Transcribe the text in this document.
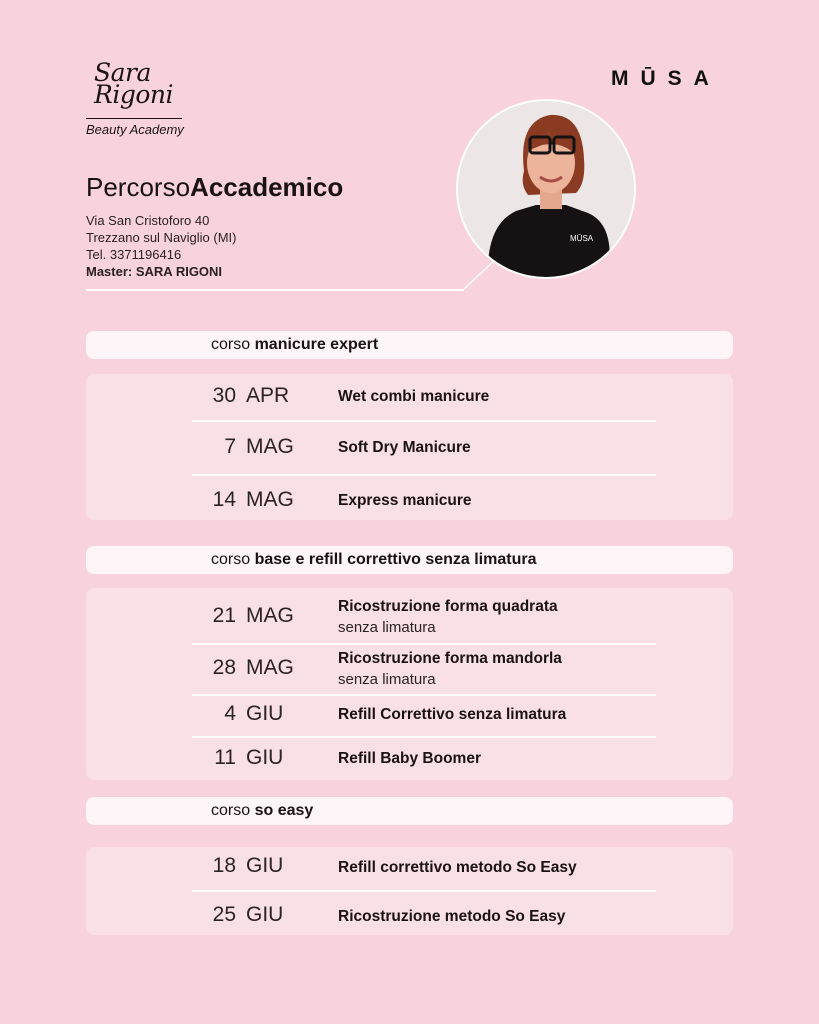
Sara
Rigoni
Beauty Academy
MŪSA
PercorsoAccademico
Via San Cristoforo 40
Trezzano sul Naviglio (MI)
Tel. 3371196416
Master: SARA RIGONI
MŪSA
corso manicure expert
30 APR	Wet combi manicure
7 MAG	Soft Dry Manicure
14 MAG	Express manicure
corso base e refill correttivo senza limatura
21 MAG	Ricostruzione forma quadrata
senza limatura
28 MAG	Ricostruzione forma mandorla
senza limatura
4 GIU	Refill Correttivo senza limatura
11 GIU	Refill Baby Boomer
corso so easy
18 GIU	Refill correttivo metodo So Easy
25 GIU	Ricostruzione metodo So Easy
